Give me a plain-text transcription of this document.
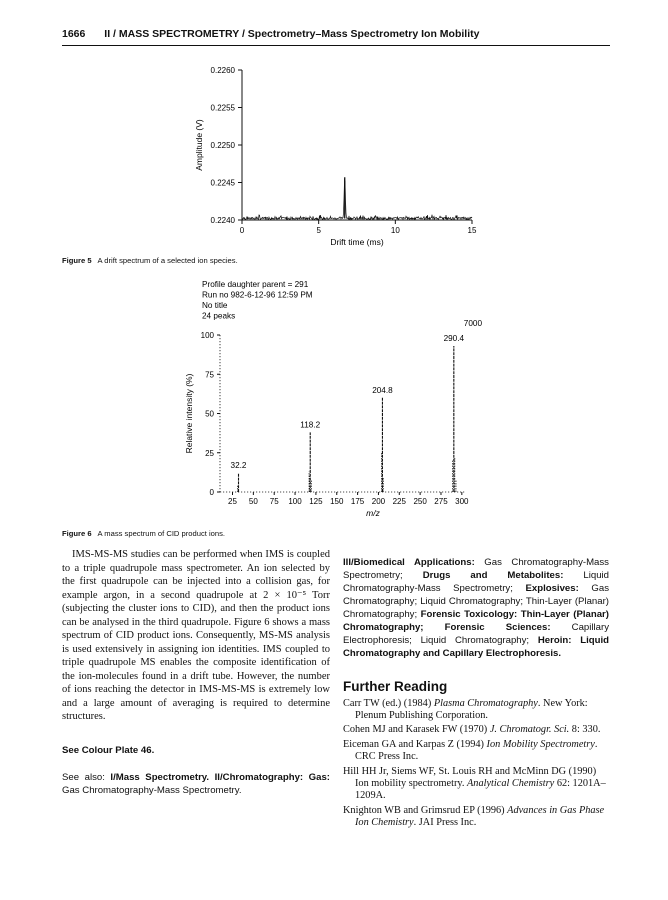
1666 II / MASS SPECTROMETRY / Spectrometry–Mass Spectrometry Ion Mobility
0.2240
0.2245
0.2250
0.2255
0.2260
0	5	10	15
Drift time (ms)
Amplitude (V)
Figure 5 A drift spectrum of a selected ion species.
Profile daughter parent = 291
Run no 982-6-12-96 12:59 PM
No title
24 peaks
7000
0
25
50
75
100
25 50 75 100 125 150 175 200 225 250 275 300
m/z
Relative intensity (%)
32.2
118.2
204.8
290.4
Figure 6 A mass spectrum of CID product ions.

IMS-MS-MS studies can be performed when IMS is coupled to a triple quadrupole mass spectrometer. An ion selected by the first quadrupole can be injected into a collision gas, for example argon, in a second quadrupole at 2 × 10⁻⁵ Torr (subjecting the cluster ions to CID), and then the product ions can be analysed in the third quadrupole. Figure 6 shows a mass spectrum of CID product ions. Consequently, MS-MS analysis is used extensively in assigning ion identities. IMS coupled to triple quadrupole MS enables the composite identification of the ion-molecules found in a drift tube. However, the number of ions reaching the detector in IMS-MS-MS is extremely low and a large amount of averaging is required to determine structures.

See Colour Plate 46.

See also: I/Mass Spectrometry. II/Chromatography: Gas: Gas Chromatography-Mass Spectrometry.

III/Biomedical Applications: Gas Chromatography-Mass Spectrometry; Drugs and Metabolites: Liquid Chromatography-Mass Spectrometry; Explosives: Gas Chromatography; Liquid Chromatography; Thin-Layer (Planar) Chromatography; Forensic Toxicology: Thin-Layer (Planar) Chromatography; Forensic Sciences: Capillary Electrophoresis; Liquid Chromatography; Heroin: Liquid Chromatography and Capillary Electrophoresis.

Further Reading

Carr TW (ed.) (1984) Plasma Chromatography. New York: Plenum Publishing Corporation.

Cohen MJ and Karasek FW (1970) J. Chromatogr. Sci. 8: 330.

Eiceman GA and Karpas Z (1994) Ion Mobility Spectrometry. CRC Press Inc.

Hill HH Jr, Siems WF, St. Louis RH and McMinn DG (1990) Ion mobility spectrometry. Analytical Chemistry 62: 1201A–1209A.

Knighton WB and Grimsrud EP (1996) Advances in Gas Phase Ion Chemistry. JAI Press Inc.
